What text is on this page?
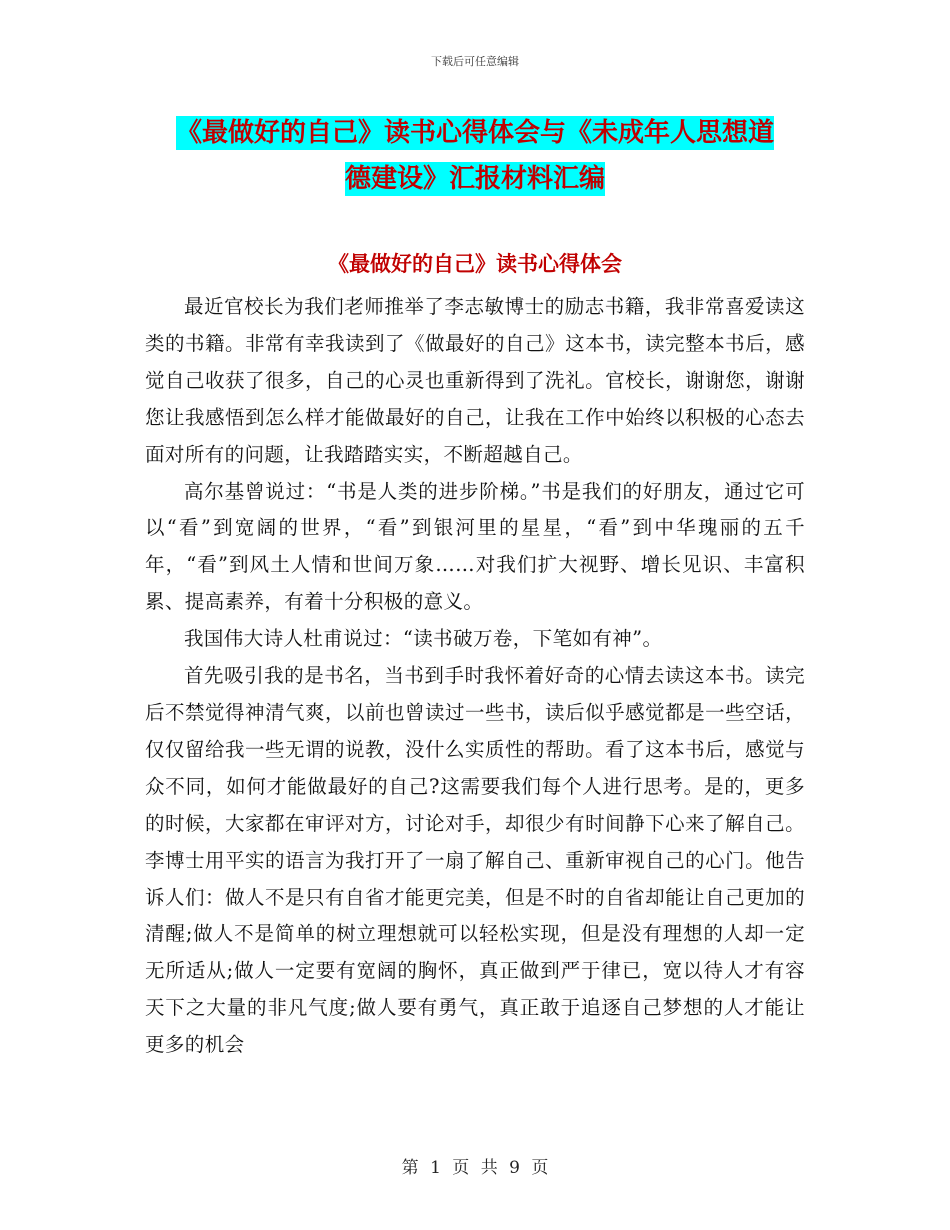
下载后可任意编辑
《最做好的自己》读书心得体会与《未成年人思想道
德建设》汇报材料汇编
《最做好的自己》读书心得体会

最近官校长为我们老师推举了李志敏博士的励志书籍，我非常喜爱读这类的书籍。非常有幸我读到了《做最好的自己》这本书，读完整本书后，感觉自己收获了很多，自己的心灵也重新得到了洗礼。官校长，谢谢您，谢谢您让我感悟到怎么样才能做最好的自己，让我在工作中始终以积极的心态去面对所有的问题，让我踏踏实实，不断超越自己。

高尔基曾说过：“书是人类的进步阶梯。”书是我们的好朋友，通过它可以“看”到宽阔的世界，“看”到银河里的星星，“看”到中华瑰丽的五千年，“看”到风土人情和世间万象……对我们扩大视野、增长见识、丰富积累、提高素养，有着十分积极的意义。

我国伟大诗人杜甫说过：“读书破万卷，下笔如有神”。

首先吸引我的是书名，当书到手时我怀着好奇的心情去读这本书。读完后不禁觉得神清气爽，以前也曾读过一些书，读后似乎感觉都是一些空话，仅仅留给我一些无谓的说教，没什么实质性的帮助。看了这本书后，感觉与众不同，如何才能做最好的自己?这需要我们每个人进行思考。是的，更多的时候，大家都在审评对方，讨论对手，却很少有时间静下心来了解自己。李博士用平实的语言为我打开了一扇了解自己、重新审视自己的心门。他告诉人们：做人不是只有自省才能更完美，但是不时的自省却能让自己更加的清醒;做人不是简单的树立理想就可以轻松实现，但是没有理想的人却一定无所适从;做人一定要有宽阔的胸怀，真正做到严于律已，宽以待人才有容天下之大量的非凡气度;做人要有勇气，真正敢于追逐自己梦想的人才能让更多的机会

第 1 页 共 9 页
